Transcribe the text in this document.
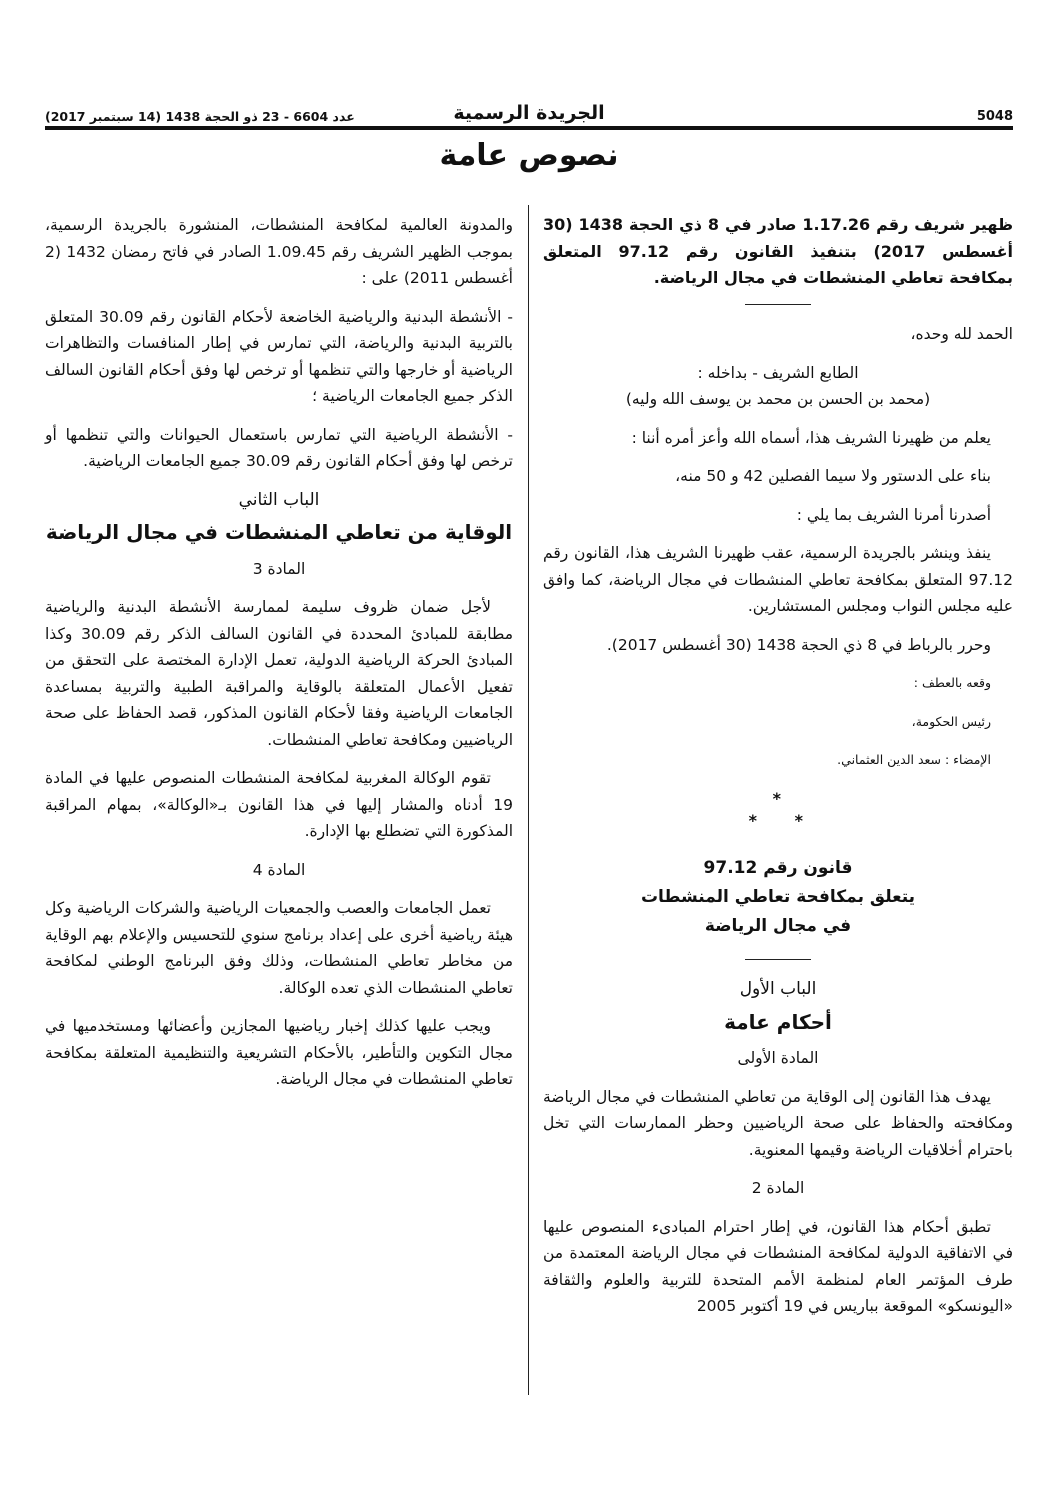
عدد 6604 - 23 ذو الحجة 1438 (14 سبتمبر 2017)	الجريدة الرسمية	5048
نصوص عامة

ظهير شريف رقم 1.17.26 صادر في 8 ذي الحجة 1438 (30 أغسطس 2017) بتنفيذ القانون رقم 97.12 المتعلق بمكافحة تعاطي المنشطات في مجال الرياضة.

الحمد لله وحده،

الطابع الشريف - بداخله :

(محمد بن الحسن بن محمد بن يوسف الله وليه)

يعلم من ظهيرنا الشريف هذا، أسماه الله وأعز أمره أننا :

بناء على الدستور ولا سيما الفصلين 42 و 50 منه،

أصدرنا أمرنا الشريف بما يلي :

ينفذ وينشر بالجريدة الرسمية، عقب ظهيرنا الشريف هذا، القانون رقم 97.12 المتعلق بمكافحة تعاطي المنشطات في مجال الرياضة، كما وافق عليه مجلس النواب ومجلس المستشارين.

وحرر بالرباط في 8 ذي الحجة 1438 (30 أغسطس 2017).

وقعه بالعطف :

رئيس الحكومة،

الإمضاء : سعد الدين العثماني.

*
*
*

قانون رقم 97.12

يتعلق بمكافحة تعاطي المنشطات

في مجال الرياضة

الباب الأول

أحكام عامة

المادة الأولى

يهدف هذا القانون إلى الوقاية من تعاطي المنشطات في مجال الرياضة ومكافحته والحفاظ على صحة الرياضيين وحظر الممارسات التي تخل باحترام أخلاقيات الرياضة وقيمها المعنوية.

المادة 2

تطبق أحكام هذا القانون، في إطار احترام المبادىء المنصوص عليها في الاتفاقية الدولية لمكافحة المنشطات في مجال الرياضة المعتمدة من طرف المؤتمر العام لمنظمة الأمم المتحدة للتربية والعلوم والثقافة «اليونسكو» الموقعة بباريس في 19 أكتوبر 2005

والمدونة العالمية لمكافحة المنشطات، المنشورة بالجريدة الرسمية، بموجب الظهير الشريف رقم 1.09.45 الصادر في فاتح رمضان 1432 (2 أغسطس 2011) على :

- الأنشطة البدنية والرياضية الخاضعة لأحكام القانون رقم 30.09 المتعلق بالتربية البدنية والرياضة، التي تمارس في إطار المنافسات والتظاهرات الرياضية أو خارجها والتي تنظمها أو ترخص لها وفق أحكام القانون السالف الذكر جميع الجامعات الرياضية ؛

- الأنشطة الرياضية التي تمارس باستعمال الحيوانات والتي تنظمها أو ترخص لها وفق أحكام القانون رقم 30.09 جميع الجامعات الرياضية.

الباب الثاني

الوقاية من تعاطي المنشطات في مجال الرياضة

المادة 3

لأجل ضمان ظروف سليمة لممارسة الأنشطة البدنية والرياضية مطابقة للمبادئ المحددة في القانون السالف الذكر رقم 30.09 وكذا المبادئ الحركة الرياضية الدولية، تعمل الإدارة المختصة على التحقق من تفعيل الأعمال المتعلقة بالوقاية والمراقبة الطبية والتربية بمساعدة الجامعات الرياضية وفقا لأحكام القانون المذكور، قصد الحفاظ على صحة الرياضيين ومكافحة تعاطي المنشطات.

تقوم الوكالة المغربية لمكافحة المنشطات المنصوص عليها في المادة 19 أدناه والمشار إليها في هذا القانون بـ«الوكالة»، بمهام المراقبة المذكورة التي تضطلع بها الإدارة.

المادة 4

تعمل الجامعات والعصب والجمعيات الرياضية والشركات الرياضية وكل هيئة رياضية أخرى على إعداد برنامج سنوي للتحسيس والإعلام بهم الوقاية من مخاطر تعاطي المنشطات، وذلك وفق البرنامج الوطني لمكافحة تعاطي المنشطات الذي تعده الوكالة.

ويجب عليها كذلك إخبار رياضيها المجازين وأعضائها ومستخدميها في مجال التكوين والتأطير، بالأحكام التشريعية والتنظيمية المتعلقة بمكافحة تعاطي المنشطات في مجال الرياضة.
